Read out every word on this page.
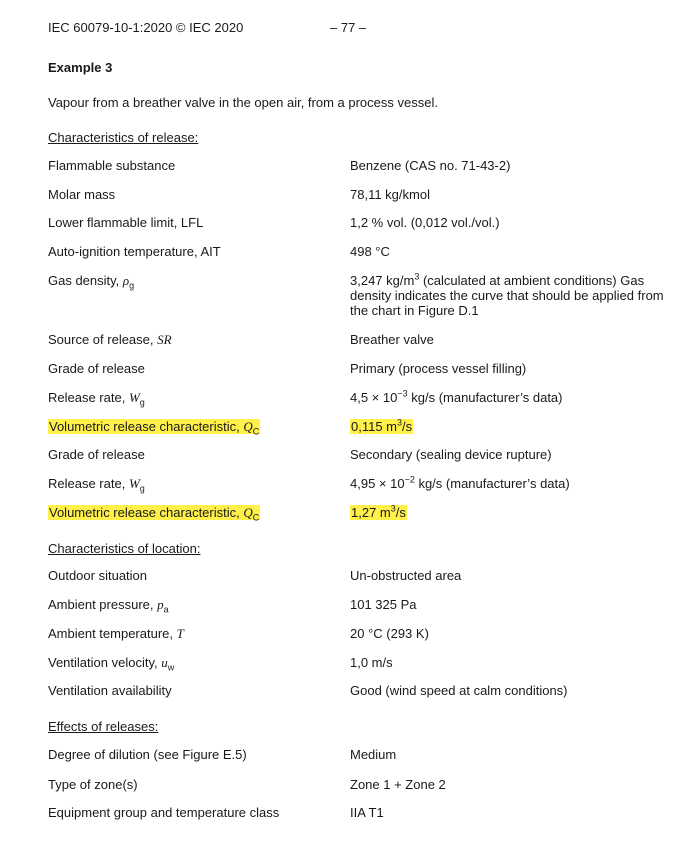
IEC 60079-10-1:2020 © IEC 2020	– 77 –
Example 3
Vapour from a breather valve in the open air, from a process vessel.
Characteristics of release:
Flammable substance	Benzene (CAS no. 71-43-2)
Molar mass	78,11 kg/kmol
Lower flammable limit, LFL	1,2 % vol. (0,012 vol./vol.)
Auto-ignition temperature, AIT	498 °C
Gas density, $\rho_g$	3,247 $kg/m^3$ (calculated at ambient conditions) Gas density indicates the curve that should be applied from the chart in Figure D.1
Source of release, SR	Breather valve
Grade of release	Primary (process vessel filling)
Release rate, $W_g$	$4,5 \times 10^{-3}$ kg/s (manufacturer’s data)
Volumetric release characteristic, $Q_C$	0,115 $m^3/s$
Grade of release	Secondary (sealing device rupture)
Release rate, $W_g$	$4,95 \times 10^{-2}$ kg/s (manufacturer’s data)
Volumetric release characteristic, $Q_C$	1,27 $m^3/s$
Characteristics of location:
Outdoor situation	Un-obstructed area
Ambient pressure, $p_a$	101 325 Pa
Ambient temperature, T	20 °C (293 K)
Ventilation velocity, $u_w$	1,0 m/s
Ventilation availability	Good (wind speed at calm conditions)
Effects of releases:
Degree of dilution (see Figure E.5)	Medium
Type of zone(s)	Zone 1 + Zone 2
Equipment group and temperature class	IIA T1
